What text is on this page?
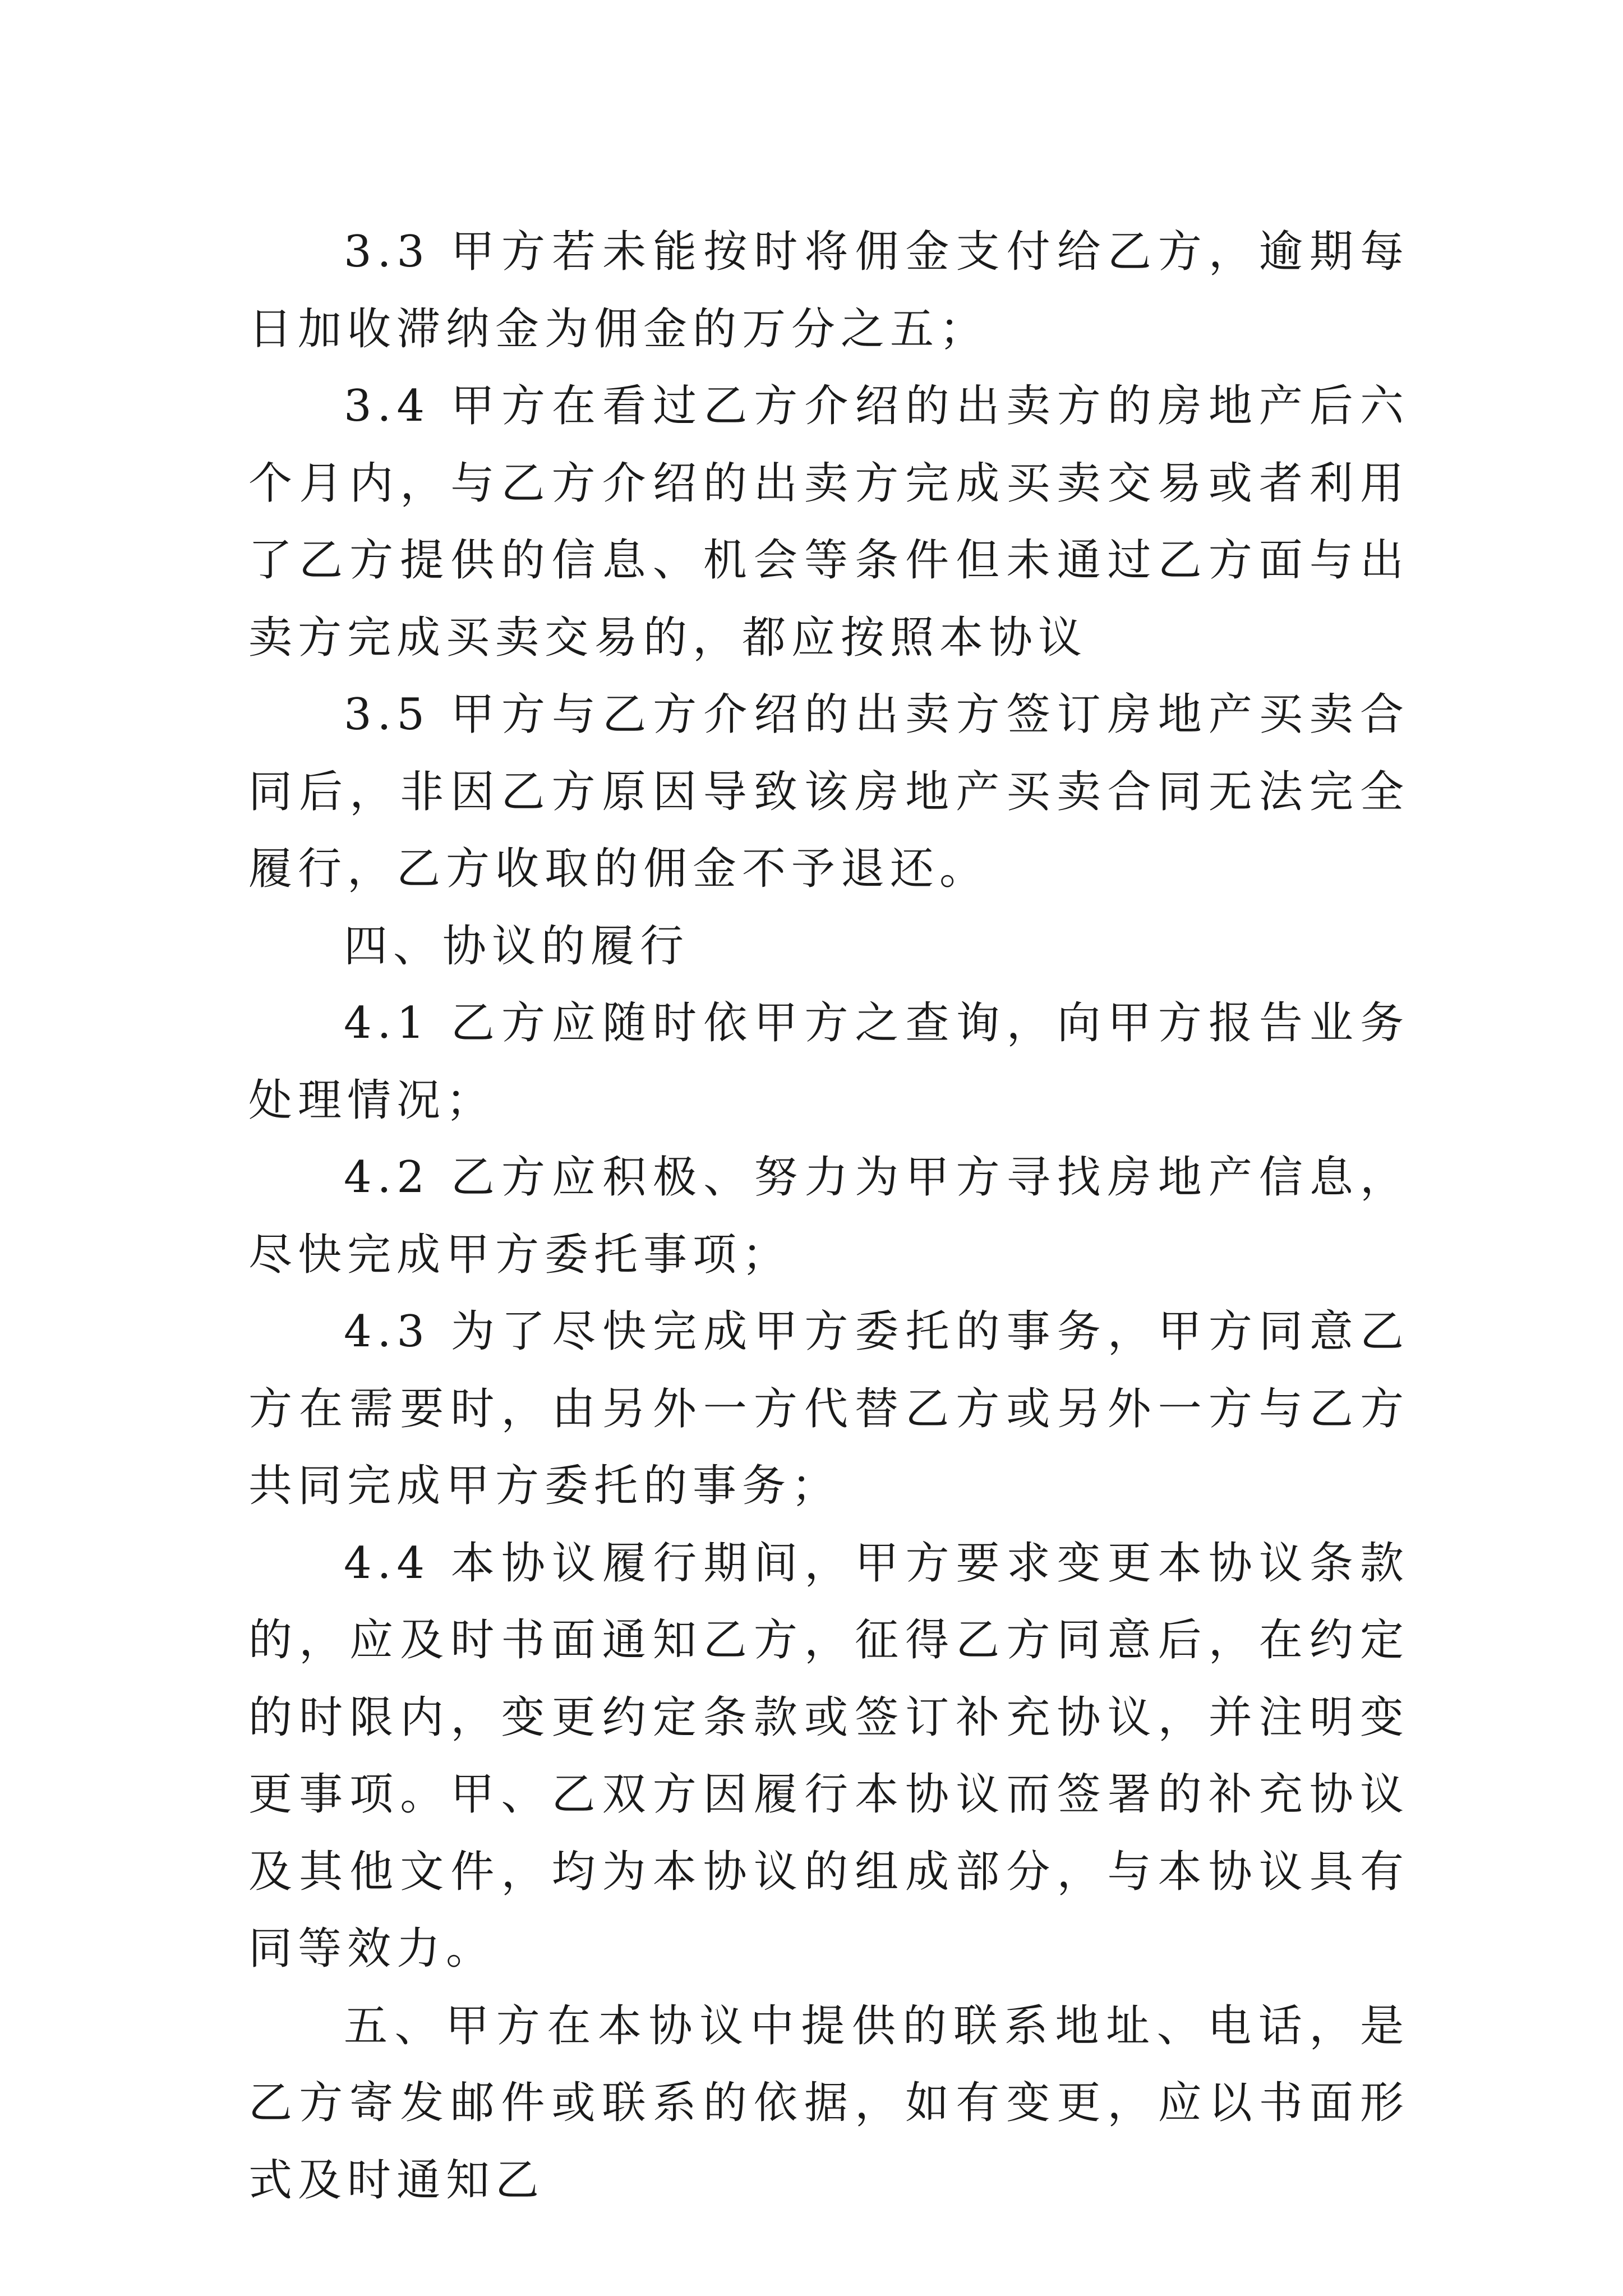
3.3 甲方若未能按时将佣金支付给乙方，逾期每日加收滞纳金为佣金的万分之五；

3.4 甲方在看过乙方介绍的出卖方的房地产后六个月内，与乙方介绍的出卖方完成买卖交易或者利用了乙方提供的信息、机会等条件但未通过乙方面与出卖方完成买卖交易的，都应按照本协议

3.5 甲方与乙方介绍的出卖方签订房地产买卖合同后，非因乙方原因导致该房地产买卖合同无法完全履行，乙方收取的佣金不予退还。

四、协议的履行

4.1 乙方应随时依甲方之查询，向甲方报告业务处理情况；

4.2 乙方应积极、努力为甲方寻找房地产信息，尽快完成甲方委托事项；

4.3 为了尽快完成甲方委托的事务，甲方同意乙方在需要时，由另外一方代替乙方或另外一方与乙方共同完成甲方委托的事务；

4.4 本协议履行期间，甲方要求变更本协议条款的，应及时书面通知乙方，征得乙方同意后，在约定的时限内，变更约定条款或签订补充协议，并注明变更事项。甲、乙双方因履行本协议而签署的补充协议及其他文件，均为本协议的组成部分，与本协议具有同等效力。

五、甲方在本协议中提供的联系地址、电话，是乙方寄发邮件或联系的依据，如有变更，应以书面形式及时通知乙
